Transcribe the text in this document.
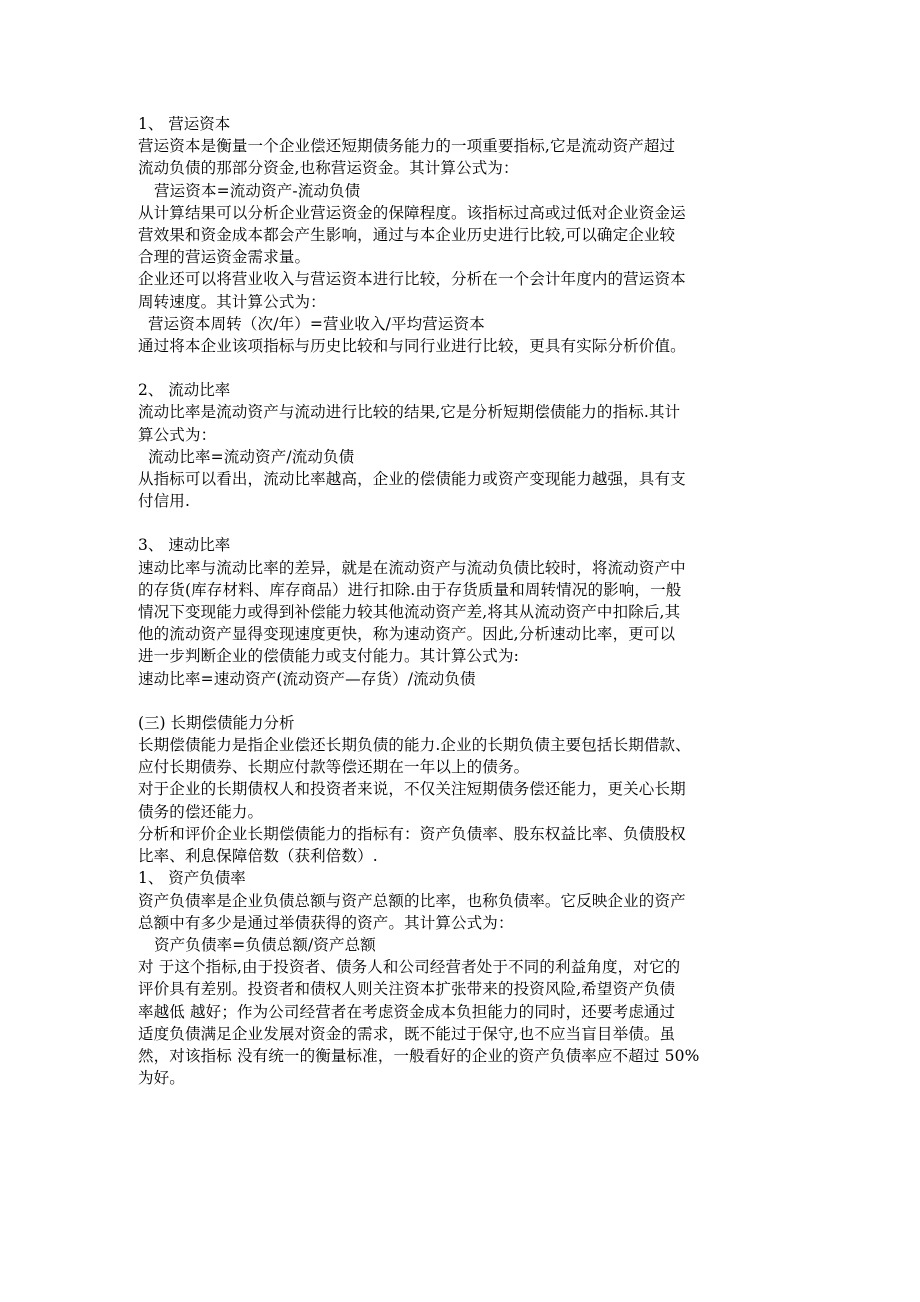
1、 营运资本
营运资本是衡量一个企业偿还短期债务能力的一项重要指标,它是流动资产超过
流动负债的那部分资金,也称营运资金。其计算公式为：
营运资本=流动资产-流动负债
从计算结果可以分析企业营运资金的保障程度。该指标过高或过低对企业资金运
营效果和资金成本都会产生影响，通过与本企业历史进行比较,可以确定企业较
合理的营运资金需求量。
企业还可以将营业收入与营运资本进行比较，分析在一个会计年度内的营运资本
周转速度。其计算公式为：
营运资本周转（次/年）=营业收入/平均营运资本
通过将本企业该项指标与历史比较和与同行业进行比较，更具有实际分析价值。
2、 流动比率
流动比率是流动资产与流动进行比较的结果,它是分析短期偿债能力的指标.其计
算公式为：
流动比率=流动资产/流动负债
从指标可以看出，流动比率越高，企业的偿债能力或资产变现能力越强，具有支
付信用.
3、 速动比率
速动比率与流动比率的差异，就是在流动资产与流动负债比较时，将流动资产中
的存货(库存材料、库存商品）进行扣除.由于存货质量和周转情况的影响，一般
情况下变现能力或得到补偿能力较其他流动资产差,将其从流动资产中扣除后,其
他的流动资产显得变现速度更快，称为速动资产。因此,分析速动比率，更可以
进一步判断企业的偿债能力或支付能力。其计算公式为:
速动比率=速动资产(流动资产—存货）/流动负债
(三) 长期偿债能力分析
长期偿债能力是指企业偿还长期负债的能力.企业的长期负债主要包括长期借款、
应付长期债券、长期应付款等偿还期在一年以上的债务。
对于企业的长期债权人和投资者来说，不仅关注短期债务偿还能力，更关心长期
债务的偿还能力。
分析和评价企业长期偿债能力的指标有：资产负债率、股东权益比率、负债股权
比率、利息保障倍数（获利倍数）.
1、 资产负债率
资产负债率是企业负债总额与资产总额的比率，也称负债率。它反映企业的资产
总额中有多少是通过举债获得的资产。其计算公式为：
资产负债率=负债总额/资产总额
对 于这个指标,由于投资者、债务人和公司经营者处于不同的利益角度，对它的
评价具有差别。投资者和债权人则关注资本扩张带来的投资风险,希望资产负债
率越低 越好；作为公司经营者在考虑资金成本负担能力的同时，还要考虑通过
适度负债满足企业发展对资金的需求，既不能过于保守,也不应当盲目举债。虽
然，对该指标 没有统一的衡量标准，一般看好的企业的资产负债率应不超过 50%
为好。
